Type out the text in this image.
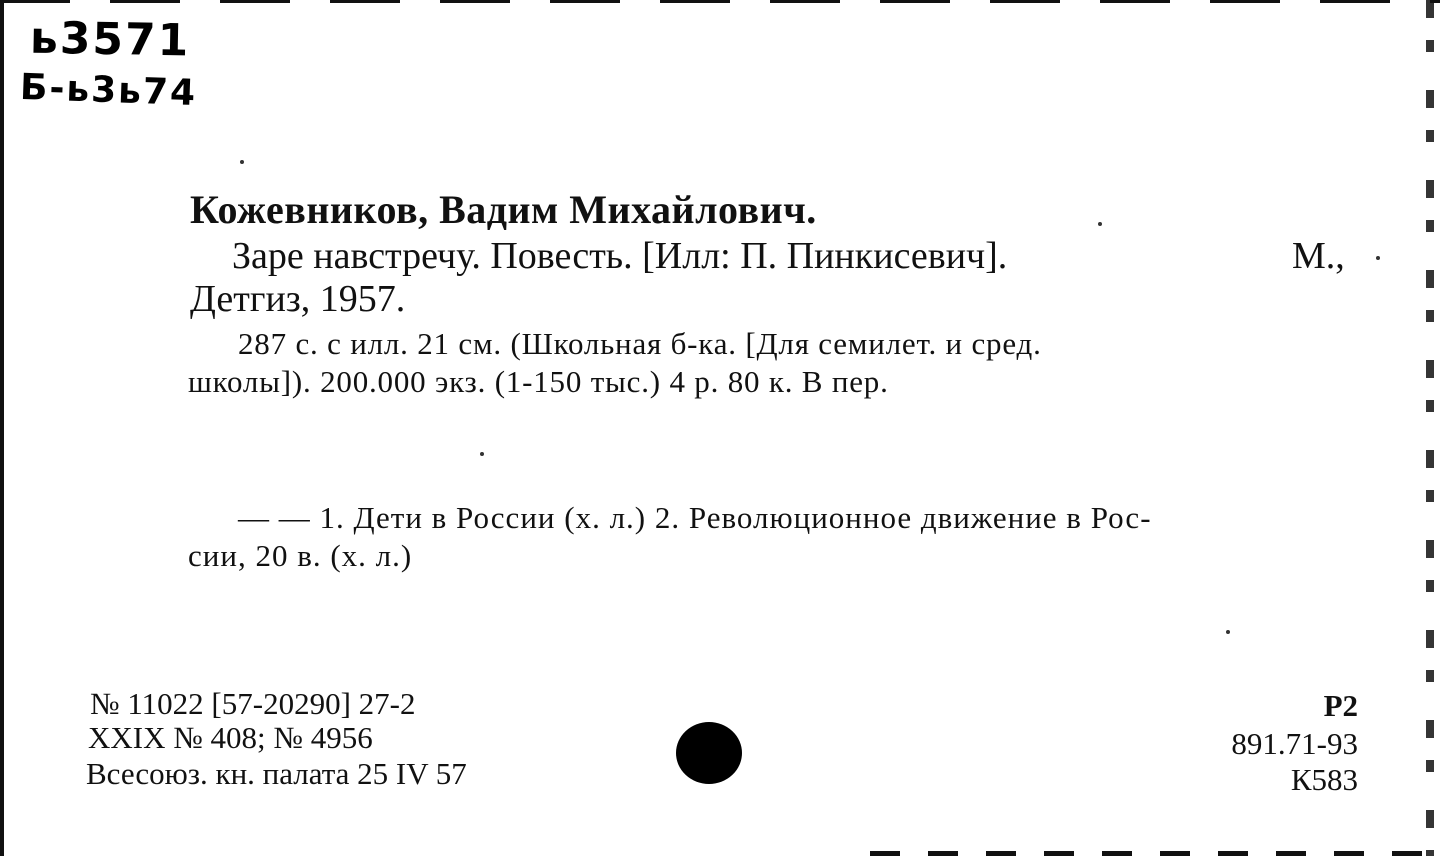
ь3571
Б-ь3ь74
Кожевников, Вадим Михайлович.
Заре навстречу. Повесть. [Илл: П. Пинкисевич].	М.,
Детгиз, 1957.
287 с. с илл. 21 см. (Школьная б-ка. [Для семилет. и сред.
школы]). 200.000 экз. (1-150 тыс.) 4 р. 80 к. В пер.
— — 1. Дети в России (х. л.) 2. Революционное движение в Рос-
сии, 20 в. (х. л.)
№ 11022 [57-20290] 27-2
XXIX № 408; № 4956
Всесоюз. кн. палата 25 IV 57
Р2
891.71-93
К583
